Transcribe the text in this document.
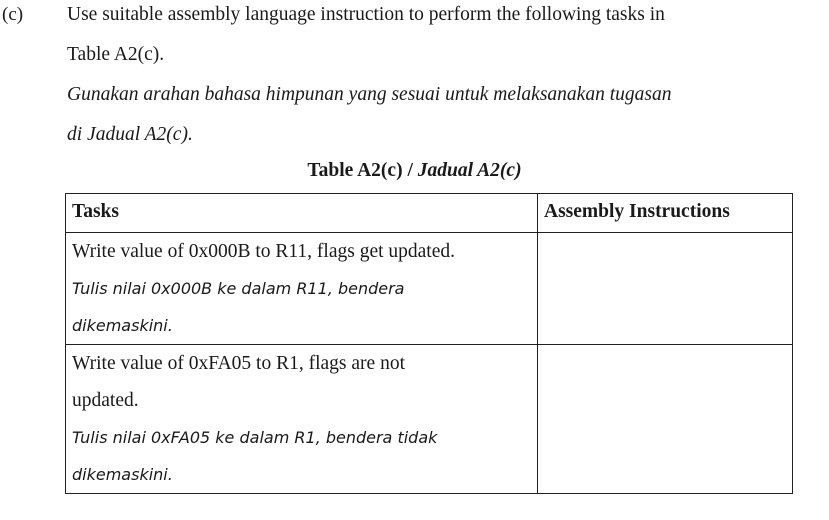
(c) Use suitable assembly language instruction to perform the following tasks in
Table A2(c).
Gunakan arahan bahasa himpunan yang sesuai untuk melaksanakan tugasan
di Jadual A2(c).
Table A2(c) / Jadual A2(c)
Tasks	Assembly Instructions

Write value of 0x000B to R11, flags get updated.
Tulis nilai 0x000B ke dalam R11, bendera
dikemaskini.	

Write value of 0xFA05 to R1, flags are not
updated.
Tulis nilai 0xFA05 ke dalam R1, bendera tidak
dikemaskini.	
